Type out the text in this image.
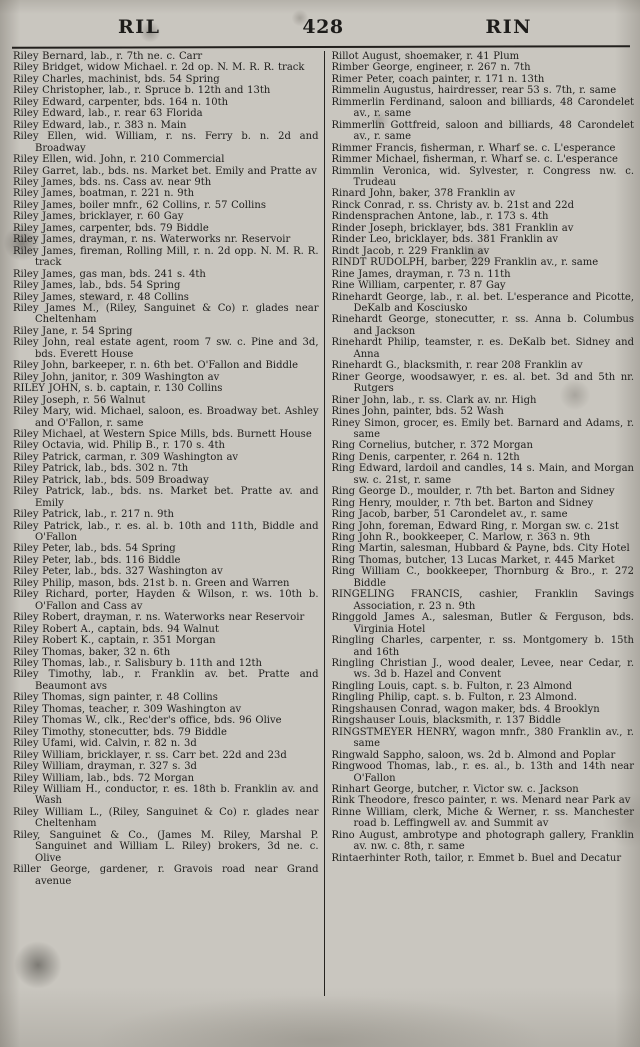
RIL	428	RIN

Riley Bernard, lab., r. 7th ne. c. Carr

Riley Bridget, widow Michael. r. 2d op. N. M. R. R. track

Riley Charles, machinist, bds. 54 Spring

Riley Christopher, lab., r. Spruce b. 12th and 13th

Riley Edward, carpenter, bds. 164 n. 10th

Riley Edward, lab., r. rear 63 Florida

Riley Edward, lab., r. 383 n. Main

Riley Ellen, wid. William, r. ns. Ferry b. n. 2d and Broadway

Riley Ellen, wid. John, r. 210 Commercial

Riley Garret, lab., bds. ns. Market bet. Emily and Pratte av

Riley James, bds. ns. Cass av. near 9th

Riley James, boatman, r. 221 n. 9th

Riley James, boiler mnfr., 62 Collins, r. 57 Collins

Riley James, bricklayer, r. 60 Gay

Riley James, carpenter, bds. 79 Biddle

Riley James, drayman, r. ns. Waterworks nr. Reservoir

Riley James, fireman, Rolling Mill, r. n. 2d opp. N. M. R. R. track

Riley James, gas man, bds. 241 s. 4th

Riley James, lab., bds. 54 Spring

Riley James, steward, r. 48 Collins

Riley James M., (Riley, Sanguinet & Co) r. glades near Cheltenham

Riley Jane, r. 54 Spring

Riley John, real estate agent, room 7 sw. c. Pine and 3d, bds. Everett House

Riley John, barkeeper, r. n. 6th bet. O'Fallon and Biddle

Riley John, janitor, r. 309 Washington av

RILEY JOHN, s. b. captain, r. 130 Collins

Riley Joseph, r. 56 Walnut

Riley Mary, wid. Michael, saloon, es. Broadway bet. Ashley and O'Fallon, r. same

Riley Michael, at Western Spice Mills, bds. Burnett House

Riley Octavia, wid. Philip B., r. 170 s. 4th

Riley Patrick, carman, r. 309 Washington av

Riley Patrick, lab., bds. 302 n. 7th

Riley Patrick, lab., bds. 509 Broadway

Riley Patrick, lab., bds. ns. Market bet. Pratte av. and Emily

Riley Patrick, lab., r. 217 n. 9th

Riley Patrick, lab., r. es. al. b. 10th and 11th, Biddle and O'Fallon

Riley Peter, lab., bds. 54 Spring

Riley Peter, lab., bds. 116 Biddle

Riley Peter, lab., bds. 327 Washington av

Riley Philip, mason, bds. 21st b. n. Green and Warren

Riley Richard, porter, Hayden & Wilson, r. ws. 10th b. O'Fallon and Cass av

Riley Robert, drayman, r. ns. Waterworks near Reservoir

Riley Robert A., captain, bds. 94 Walnut

Riley Robert K., captain, r. 351 Morgan

Riley Thomas, baker, 32 n. 6th

Riley Thomas, lab., r. Salisbury b. 11th and 12th

Riley Timothy, lab., r. Franklin av. bet. Pratte and Beaumont avs

Riley Thomas, sign painter, r. 48 Collins

Riley Thomas, teacher, r. 309 Washington av

Riley Thomas W., clk., Rec'der's office, bds. 96 Olive

Riley Timothy, stonecutter, bds. 79 Biddle

Riley Ufami, wid. Calvin, r. 82 n. 3d

Riley William, bricklayer, r. ss. Carr bet. 22d and 23d

Riley William, drayman, r. 327 s. 3d

Riley William, lab., bds. 72 Morgan

Riley William H., conductor, r. es. 18th b. Franklin av. and Wash

Riley William L., (Riley, Sanguinet & Co) r. glades near Cheltenham

Riley, Sanguinet & Co., (James M. Riley, Marshal P. Sanguinet and William L. Riley) brokers, 3d ne. c. Olive

Riller George, gardener, r. Gravois road near Grand avenue

Rillot August, shoemaker, r. 41 Plum

Rimber George, engineer, r. 267 n. 7th

Rimer Peter, coach painter, r. 171 n. 13th

Rimmelin Augustus, hairdresser, rear 53 s. 7th, r. same

Rimmerlin Ferdinand, saloon and billiards, 48 Carondelet av., r. same

Rimmerlin Gottfreid, saloon and billiards, 48 Carondelet av., r. same

Rimmer Francis, fisherman, r. Wharf se. c. L'esperance

Rimmer Michael, fisherman, r. Wharf se. c. L'esperance

Rimmlin Veronica, wid. Sylvester, r. Congress nw. c. Trudeau

Rinard John, baker, 378 Franklin av

Rinck Conrad, r. ss. Christy av. b. 21st and 22d

Rindensprachen Antone, lab., r. 173 s. 4th

Rinder Joseph, bricklayer, bds. 381 Franklin av

Rinder Leo, bricklayer, bds. 381 Franklin av

Rindt Jacob, r. 229 Franklin av

RINDT RUDOLPH, barber, 229 Franklin av., r. same

Rine James, drayman, r. 73 n. 11th

Rine William, carpenter, r. 87 Gay

Rinehardt George, lab., r. al. bet. L'esperance and Picotte, DeKalb and Kosciusko

Rinehardt George, stonecutter, r. ss. Anna b. Columbus and Jackson

Rinehardt Philip, teamster, r. es. DeKalb bet. Sidney and Anna

Rinehardt G., blacksmith, r. rear 208 Franklin av

Riner George, woodsawyer, r. es. al. bet. 3d and 5th nr. Rutgers

Riner John, lab., r. ss. Clark av. nr. High

Rines John, painter, bds. 52 Wash

Riney Simon, grocer, es. Emily bet. Barnard and Adams, r. same

Ring Cornelius, butcher, r. 372 Morgan

Ring Denis, carpenter, r. 264 n. 12th

Ring Edward, lardoil and candles, 14 s. Main, and Morgan sw. c. 21st, r. same

Ring George D., moulder, r. 7th bet. Barton and Sidney

Ring Henry, moulder, r. 7th bet. Barton and Sidney

Ring Jacob, barber, 51 Carondelet av., r. same

Ring John, foreman, Edward Ring, r. Morgan sw. c. 21st

Ring John R., bookkeeper, C. Marlow, r. 363 n. 9th

Ring Martin, salesman, Hubbard & Payne, bds. City Hotel

Ring Thomas, butcher, 13 Lucas Market, r. 445 Market

Ring William C., bookkeeper, Thornburg & Bro., r. 272 Biddle

RINGELING FRANCIS, cashier, Franklin Savings Association, r. 23 n. 9th

Ringgold James A., salesman, Butler & Ferguson, bds. Virginia Hotel

Ringling Charles, carpenter, r. ss. Montgomery b. 15th and 16th

Ringling Christian J., wood dealer, Levee, near Cedar, r. ws. 3d b. Hazel and Convent

Ringling Louis, capt. s. b. Fulton, r. 23 Almond

Ringling Philip, capt. s. b. Fulton, r. 23 Almond.

Ringshausen Conrad, wagon maker, bds. 4 Brooklyn

Ringshauser Louis, blacksmith, r. 137 Biddle

RINGSTMEYER HENRY, wagon mnfr., 380 Franklin av., r. same

Ringwald Sappho, saloon, ws. 2d b. Almond and Poplar

Ringwood Thomas, lab., r. es. al., b. 13th and 14th near O'Fallon

Rinhart George, butcher, r. Victor sw. c. Jackson

Rink Theodore, fresco painter, r. ws. Menard near Park av

Rinne William, clerk, Miche & Werner, r. ss. Manchester road b. Leffingwell av. and Summit av

Rino August, ambrotype and photograph gallery, Franklin av. nw. c. 8th, r. same

Rintaerhinter Roth, tailor, r. Emmet b. Buel and Decatur
